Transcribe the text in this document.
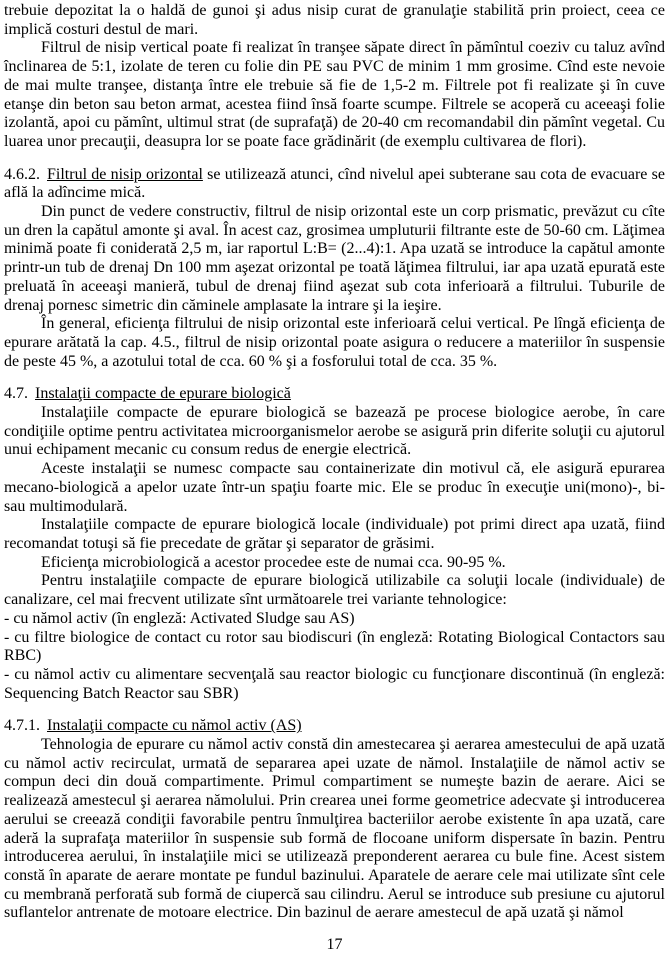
trebuie depozitat la o haldă de gunoi şi adus nisip curat de granulaţie stabilită prin proiect, ceea ce implică costuri destul de mari.

Filtrul de nisip vertical poate fi realizat în tranşee săpate direct în pămîntul coeziv cu taluz avînd înclinarea de 5:1, izolate de teren cu folie din PE sau PVC de minim 1 mm grosime. Cînd este nevoie de mai multe tranşee, distanţa între ele trebuie să fie de 1,5-2 m. Filtrele pot fi realizate şi în cuve etanşe din beton sau beton armat, acestea fiind însă foarte scumpe. Filtrele se acoperă cu aceeaşi folie izolantă, apoi cu pămînt, ultimul strat (de suprafaţă) de 20-40 cm recomandabil din pămînt vegetal. Cu luarea unor precauţii, deasupra lor se poate face grădinărit (de exemplu cultivarea de flori).

4.6.2. Filtrul de nisip orizontal se utilizează atunci, cînd nivelul apei subterane sau cota de evacuare se află la adîncime mică.

Din punct de vedere constructiv, filtrul de nisip orizontal este un corp prismatic, prevăzut cu cîte un dren la capătul amonte şi aval. În acest caz, grosimea umpluturii filtrante este de 50-60 cm. Lăţimea minimă poate fi coniderată 2,5 m, iar raportul L:B= (2...4):1. Apa uzată se introduce la capătul amonte printr-un tub de drenaj Dn 100 mm aşezat orizontal pe toată lăţimea filtrului, iar apa uzată epurată este preluată în aceeaşi manieră, tubul de drenaj fiind aşezat sub cota inferioară a filtrului. Tuburile de drenaj pornesc simetric din căminele amplasate la intrare şi la ieşire.

În general, eficienţa filtrului de nisip orizontal este inferioară celui vertical. Pe lîngă eficienţa de epurare arătată la cap. 4.5., filtrul de nisip orizontal poate asigura o reducere a materiilor în suspensie de peste 45 %, a azotului total de cca. 60 % şi a fosforului total de cca. 35 %.

4.7. Instalaţii compacte de epurare biologică

Instalaţiile compacte de epurare biologică se bazează pe procese biologice aerobe, în care condiţiile optime pentru activitatea microorganismelor aerobe se asigură prin diferite soluţii cu ajutorul unui echipament mecanic cu consum redus de energie electrică.

Aceste instalaţii se numesc compacte sau containerizate din motivul că, ele asigură epurarea mecano-biologică a apelor uzate într-un spaţiu foarte mic. Ele se produc în execuţie uni(mono)-, bi- sau multimodulară.

Instalaţiile compacte de epurare biologică locale (individuale) pot primi direct apa uzată, fiind recomandat totuşi să fie precedate de grătar şi separator de grăsimi.

Eficienţa microbiologică a acestor procedee este de numai cca. 90-95 %.

Pentru instalaţiile compacte de epurare biologică utilizabile ca soluţii locale (individuale) de canalizare, cel mai frecvent utilizate sînt următoarele trei variante tehnologice:

- cu nămol activ (în engleză: Activated Sludge sau AS)

- cu filtre biologice de contact cu rotor sau biodiscuri (în engleză: Rotating Biological Contactors sau RBC)

- cu nămol activ cu alimentare secvenţală sau reactor biologic cu funcţionare discontinuă (în engleză: Sequencing Batch Reactor sau SBR)

4.7.1. Instalaţii compacte cu nămol activ (AS)

Tehnologia de epurare cu nămol activ constă din amestecarea şi aerarea amestecului de apă uzată cu nămol activ recirculat, urmată de separarea apei uzate de nămol. Instalaţiile de nămol activ se compun deci din două compartimente. Primul compartiment se numeşte bazin de aerare. Aici se realizează amestecul şi aerarea nămolului. Prin crearea unei forme geometrice adecvate şi introducerea aerului se creează condiţii favorabile pentru înmulţirea bacteriilor aerobe existente în apa uzată, care aderă la suprafaţa materiilor în suspensie sub formă de flocoane uniform dispersate în bazin. Pentru introducerea aerului, în instalaţiile mici se utilizează preponderent aerarea cu bule fine. Acest sistem constă în aparate de aerare montate pe fundul bazinului. Aparatele de aerare cele mai utilizate sînt cele cu membrană perforată sub formă de ciupercă sau cilindru. Aerul se introduce sub presiune cu ajutorul suflantelor antrenate de motoare electrice. Din bazinul de aerare amestecul de apă uzată şi nămol

17
